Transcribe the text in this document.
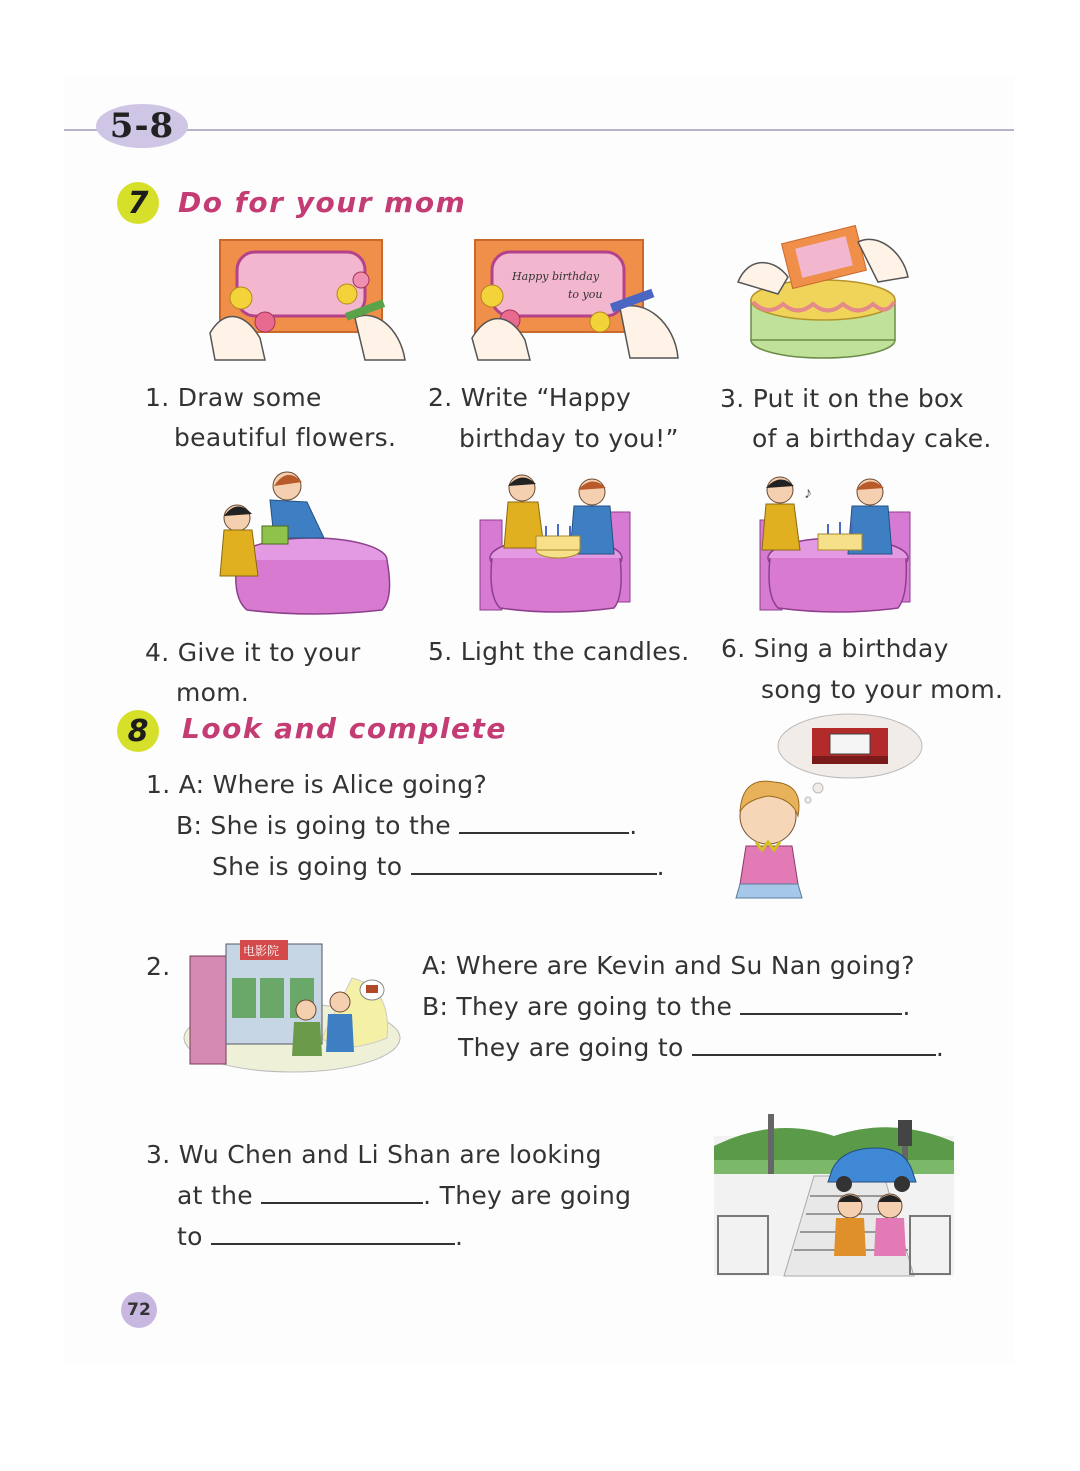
5-8
7	Do for your mom
Happy birthday
to you
1. Draw some
beautiful flowers.
2. Write “Happy
birthday to you!”
3. Put it on the box
of a birthday cake.
♪
4. Give it to your
mom.
5. Light the candles. 6. Sing a birthday
song to your mom.
8	Look and complete
1. A: Where is Alice going?
B: She is going to the	.
She is going to	.
2.
电影院	A: Where are Kevin and Su Nan going?
B: They are going to the	.
They are going to	.
3. Wu Chen and Li Shan are looking
at the	. They are going
to	.
72
